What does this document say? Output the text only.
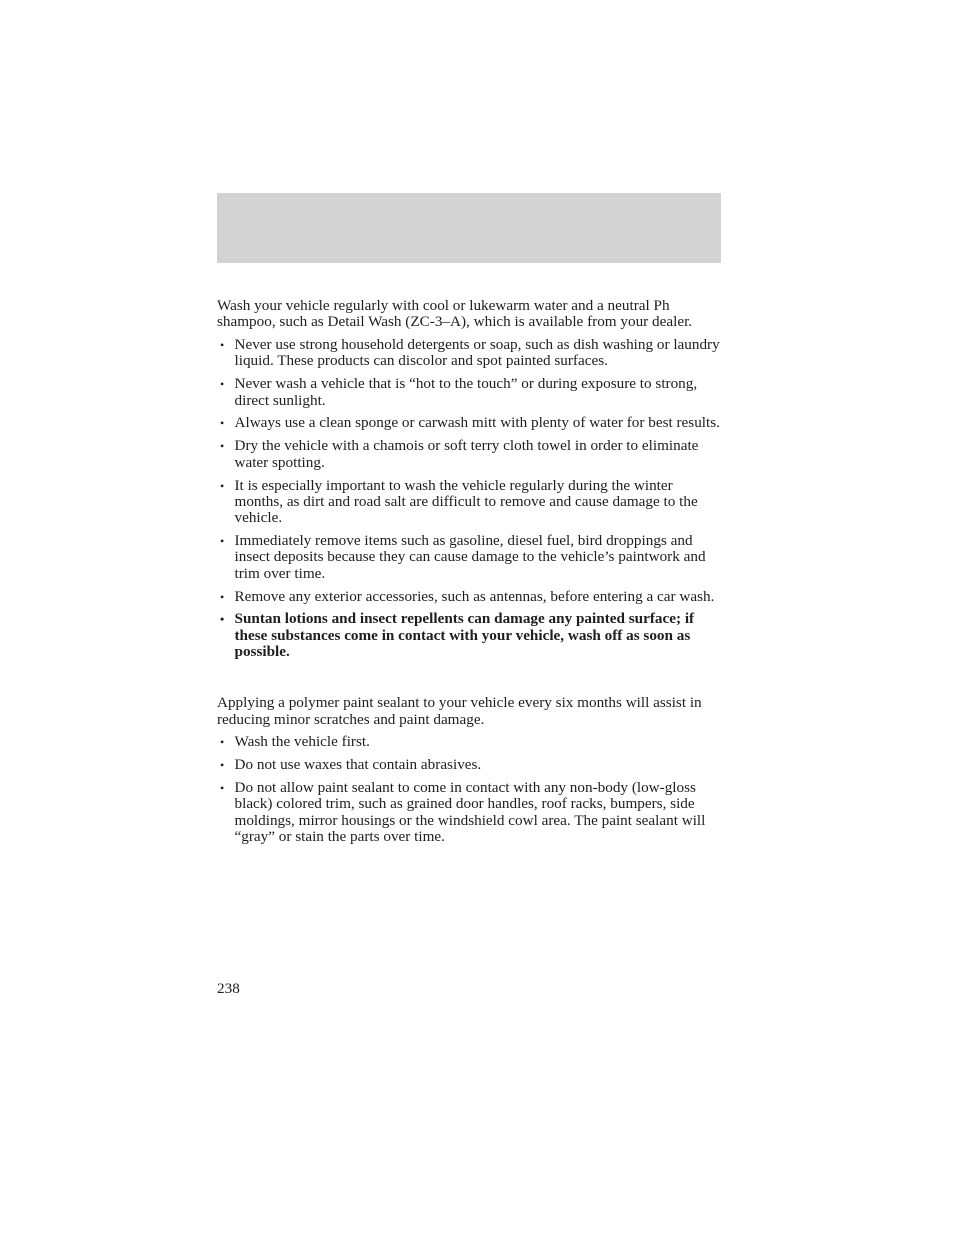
Wash your vehicle regularly with cool or lukewarm water and a neutral Ph shampoo, such as Detail Wash (ZC-3–A), which is available from your dealer.

• Never use strong household detergents or soap, such as dish washing or laundry liquid. These products can discolor and spot painted surfaces.
• Never wash a vehicle that is “hot to the touch” or during exposure to strong, direct sunlight.
• Always use a clean sponge or carwash mitt with plenty of water for best results.
• Dry the vehicle with a chamois or soft terry cloth towel in order to eliminate water spotting.
• It is especially important to wash the vehicle regularly during the winter months, as dirt and road salt are difficult to remove and cause damage to the vehicle.
• Immediately remove items such as gasoline, diesel fuel, bird droppings and insect deposits because they can cause damage to the vehicle’s paintwork and trim over time.
• Remove any exterior accessories, such as antennas, before entering a car wash.
• Suntan lotions and insect repellents can damage any painted surface; if these substances come in contact with your vehicle, wash off as soon as possible.

Applying a polymer paint sealant to your vehicle every six months will assist in reducing minor scratches and paint damage.

• Wash the vehicle first.
• Do not use waxes that contain abrasives.
• Do not allow paint sealant to come in contact with any non-body (low-gloss black) colored trim, such as grained door handles, roof racks, bumpers, side moldings, mirror housings or the windshield cowl area. The paint sealant will “gray” or stain the parts over time.
238
